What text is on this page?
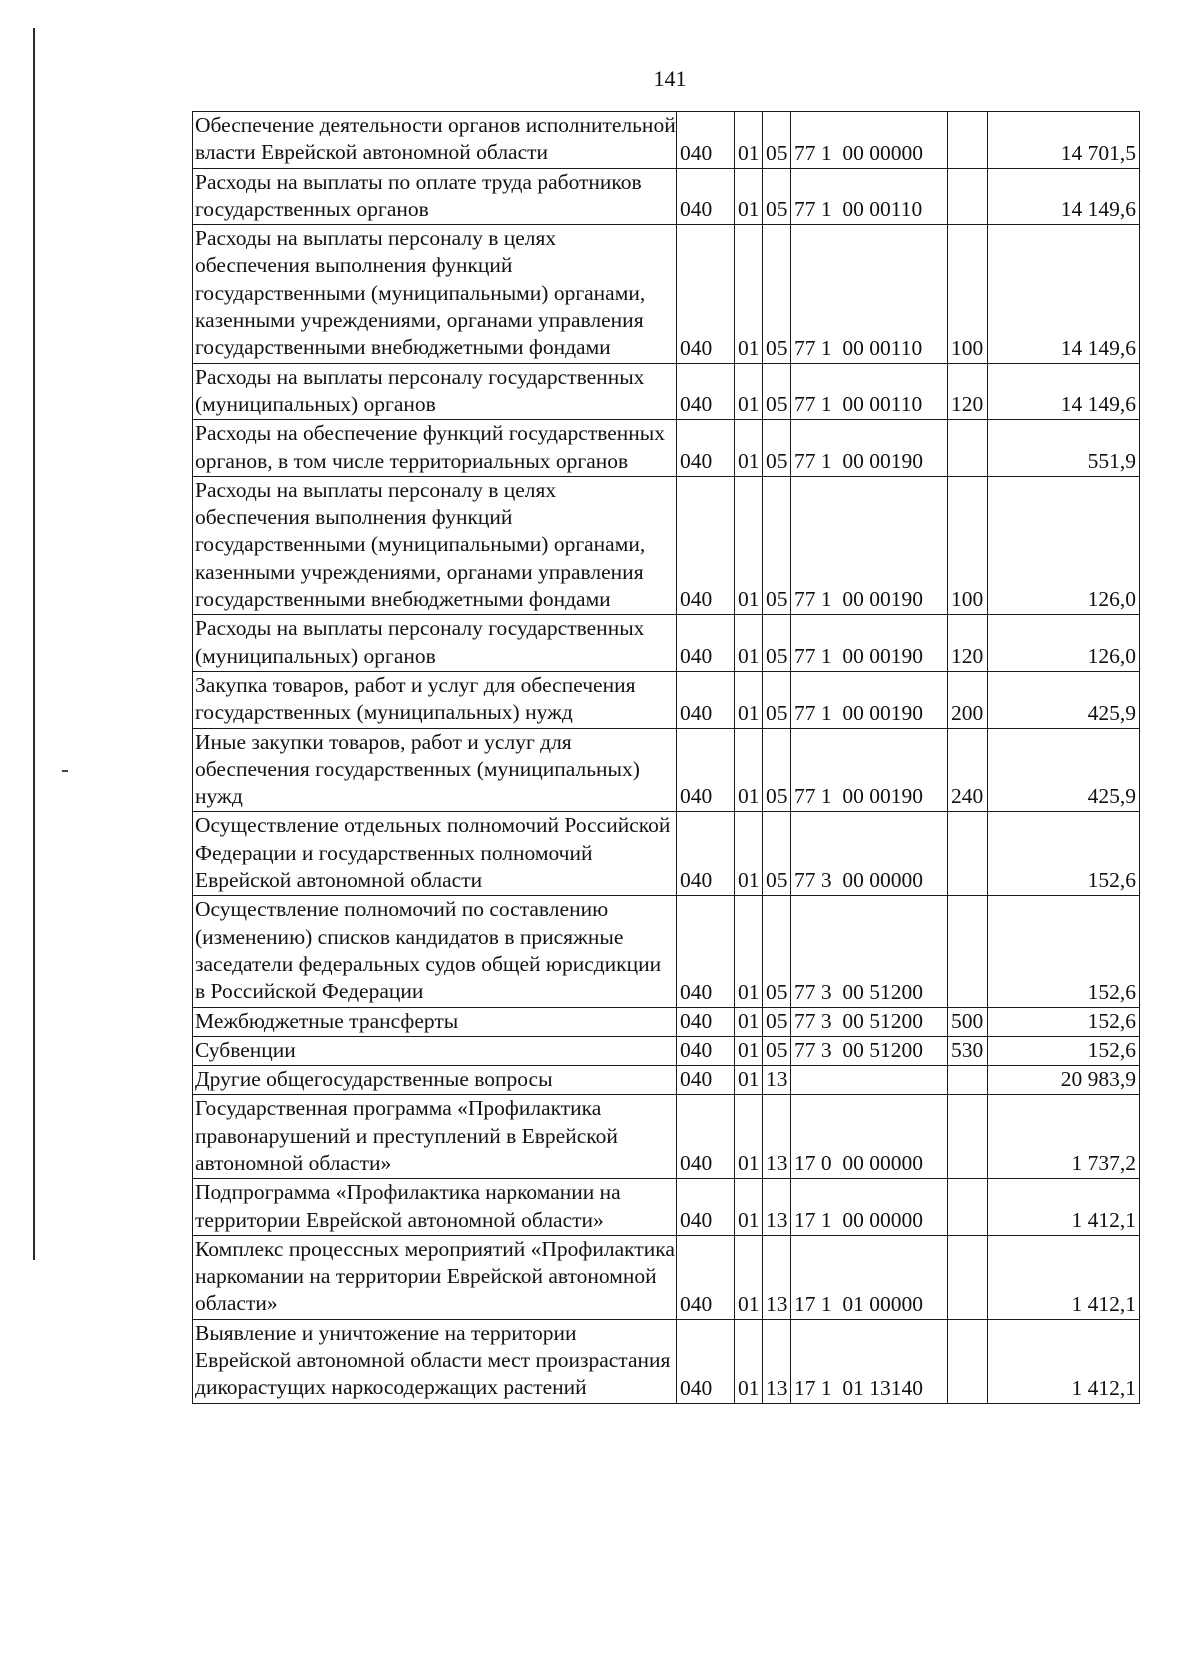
141
Обеспечение деятельности органов исполнительной власти Еврейской автономной области	040	01	05	77 1  00 00000		14 701,5
Расходы на выплаты по оплате труда работников государственных органов	040	01	05	77 1  00 00110		14 149,6
Расходы на выплаты персоналу в целях обеспечения выполнения функций государственными (муниципальными) органами, казенными учреждениями, органами управления государственными внебюджетными фондами	040	01	05	77 1  00 00110	100	14 149,6
Расходы на выплаты персоналу государственных (муниципальных) органов	040	01	05	77 1  00 00110	120	14 149,6
Расходы на обеспечение функций государственных органов, в том числе территориальных органов	040	01	05	77 1  00 00190		551,9
Расходы на выплаты персоналу в целях обеспечения выполнения функций государственными (муниципальными) органами, казенными учреждениями, органами управления государственными внебюджетными фондами	040	01	05	77 1  00 00190	100	126,0
Расходы на выплаты персоналу государственных (муниципальных) органов	040	01	05	77 1  00 00190	120	126,0
Закупка товаров, работ и услуг для обеспечения государственных (муниципальных) нужд	040	01	05	77 1  00 00190	200	425,9
Иные закупки товаров, работ и услуг для обеспечения государственных (муниципальных) нужд	040	01	05	77 1  00 00190	240	425,9
Осуществление отдельных полномочий Российской Федерации и государственных полномочий Еврейской автономной области	040	01	05	77 3  00 00000		152,6
Осуществление полномочий по составлению (изменению) списков кандидатов в присяжные заседатели федеральных судов общей юрисдикции в Российской Федерации	040	01	05	77 3  00 51200		152,6
Межбюджетные трансферты	040	01	05	77 3  00 51200	500	152,6
Субвенции	040	01	05	77 3  00 51200	530	152,6
Другие общегосударственные вопросы	040	01	13			20 983,9
Государственная программа «Профилактика правонарушений и преступлений в Еврейской автономной области»	040	01	13	17 0  00 00000		1 737,2
Подпрограмма «Профилактика наркомании на территории Еврейской автономной области»	040	01	13	17 1  00 00000		1 412,1
Комплекс процессных мероприятий «Профилактика наркомании на территории Еврейской автономной области»	040	01	13	17 1  01 00000		1 412,1
Выявление и уничтожение на территории Еврейской автономной области мест произрастания дикорастущих наркосодержащих растений	040	01	13	17 1  01 13140		1 412,1
